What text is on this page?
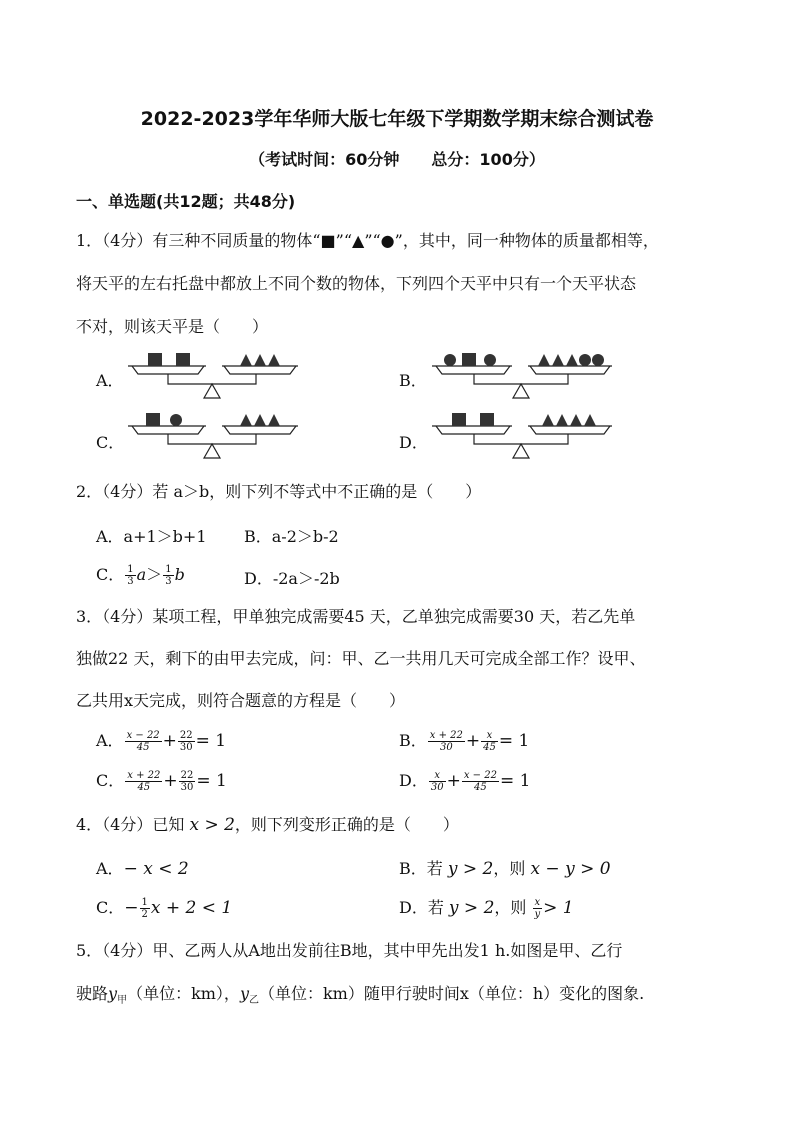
2022-2023学年华师大版七年级下学期数学期末综合测试卷
（考试时间：60分钟　　总分：100分）
一、单选题(共12题；共48分)
1．（4分）有三种不同质量的物体“■”“▲”“●”，其中，同一种物体的质量都相等，
将天平的左右托盘中都放上不同个数的物体，下列四个天平中只有一个天平状态
不对，则该天平是（　　）
A．	B．
C．	D．
2．（4分）若 a＞b，则下列不等式中不正确的是（　　）
A．a+1＞b+1 B．a-2＞b-2
C． $\frac{1}{3} a> \frac{1}{3}$ b	D．-2a＞-2b
3．（4分）某项工程，甲单独完成需要45 天，乙单独完成需要30 天，若乙先单
独做22 天，剩下的由甲去完成，问：甲、乙一共用几天可完成全部工作？设甲、
乙共用x天完成，则符合题意的方程是（　　）
A． $\frac{x - 22}{45} + \frac{22}{30} = 1$	B． $\frac{x + 22}{30} + \frac{x}{45} = 1$
C． $\frac{x + 22}{45} + \frac{22}{30} = 1$	D． $\frac{x}{30} + \frac{x - 22}{45} = 1$
4．（4分）已知 x > 2，则下列变形正确的是（　　）
A．− x < 2	B．若 y > 2，则 x − y > 0
C．− $\frac{1}{2}$ x + 2 < 1	D．若 y > 2，则 $\frac{x}{y} > 1$
5．（4分）甲、乙两人从A地出发前往B地，其中甲先出发1 h.如图是甲、乙行
驶路$y_甲$（单位：km），$y_乙$（单位：km）随甲行驶时间x（单位：h）变化的图象.
